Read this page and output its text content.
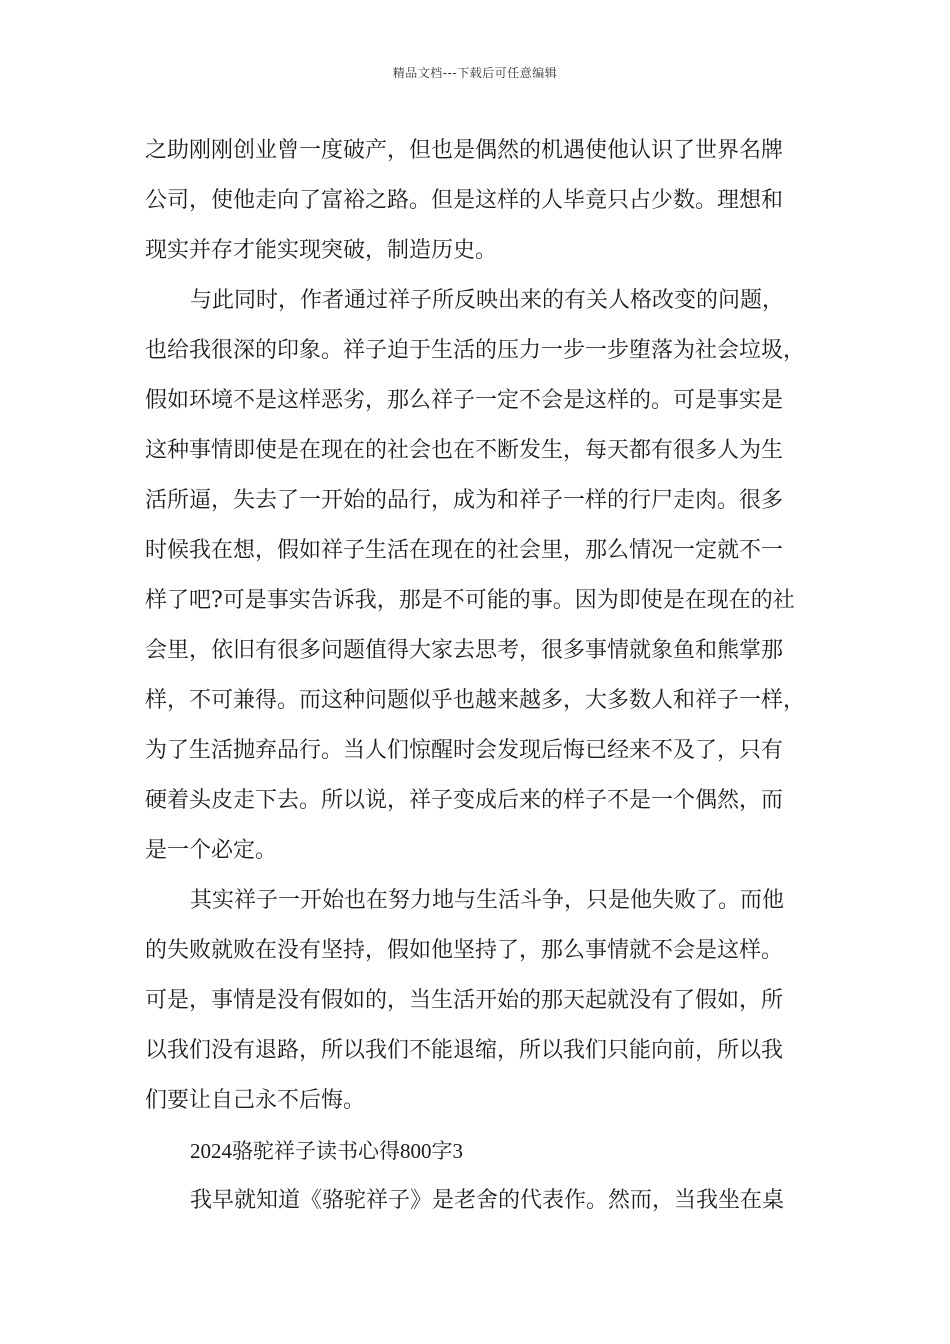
精品文档---下载后可任意编辑
之助刚刚创业曾一度破产，但也是偶然的机遇使他认识了世界名牌
公司，使他走向了富裕之路。但是这样的人毕竟只占少数。理想和
现实并存才能实现突破，制造历史。
与此同时，作者通过祥子所反映出来的有关人格改变的问题，
也给我很深的印象。祥子迫于生活的压力一步一步堕落为社会垃圾，
假如环境不是这样恶劣，那么祥子一定不会是这样的。可是事实是
这种事情即使是在现在的社会也在不断发生，每天都有很多人为生
活所逼，失去了一开始的品行，成为和祥子一样的行尸走肉。很多
时候我在想，假如祥子生活在现在的社会里，那么情况一定就不一
样了吧?可是事实告诉我，那是不可能的事。因为即使是在现在的社
会里，依旧有很多问题值得大家去思考，很多事情就象鱼和熊掌那
样，不可兼得。而这种问题似乎也越来越多，大多数人和祥子一样，
为了生活抛弃品行。当人们惊醒时会发现后悔已经来不及了，只有
硬着头皮走下去。所以说，祥子变成后来的样子不是一个偶然，而
是一个必定。
其实祥子一开始也在努力地与生活斗争，只是他失败了。而他
的失败就败在没有坚持，假如他坚持了，那么事情就不会是这样。
可是，事情是没有假如的，当生活开始的那天起就没有了假如，所
以我们没有退路，所以我们不能退缩，所以我们只能向前，所以我
们要让自己永不后悔。
2024骆驼祥子读书心得800字3
我早就知道《骆驼祥子》是老舍的代表作。然而，当我坐在桌
